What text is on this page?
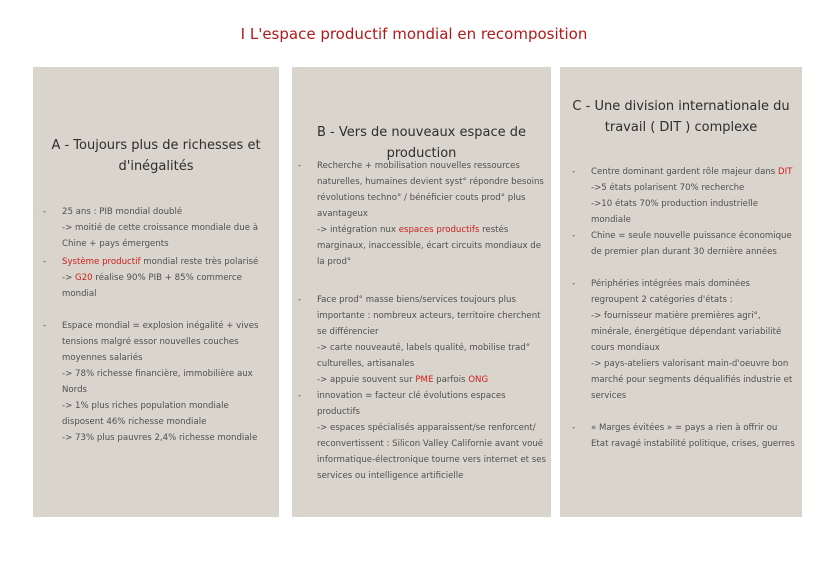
I L'espace productif mondial en recomposition
A - Toujours plus de richesses et d'inégalités
-	25 ans : PIB mondial doublé

-> moitié de cette croissance mondiale due à Chine + pays émergents

-	Système productif mondial reste très polarisé

-> G20 réalise 90% PIB + 85% commerce mondial

-	Espace mondial = explosion inégalité + vives tensions malgré essor nouvelles couches moyennes salariés

-> 78% richesse financière, immobilière aux Nords

-> 1% plus riches population mondiale disposent 46% richesse mondiale

-> 73% plus pauvres 2,4% richesse mondiale

B - Vers de nouveaux espace de production
-	Recherche + mobilisation nouvelles ressources naturelles, humaines devient syst° répondre besoins révolutions techno° / bénéficier couts prod° plus avantageux

-> intégration nux espaces productifs restés marginaux, inaccessible, écart circuits mondiaux de la prod°

-	Face prod° masse biens/services toujours plus importante : nombreux acteurs, territoire cherchent se différencier

-> carte nouveauté, labels qualité, mobilise trad° culturelles, artisanales

-> appuie souvent sur PME parfois ONG

-	innovation = facteur clé évolutions espaces productifs

-> espaces spécialisés apparaissent/se renforcent/ reconvertissent : Silicon Valley Californie avant voué informatique-électronique tourne vers internet et ses services ou intelligence artificielle

C - Une division internationale du travail ( DIT ) complexe
-	Centre dominant gardent rôle majeur dans DIT

->5 états polarisent 70% recherche

->10 états 70% production industrielle mondiale

-	Chine = seule nouvelle puissance économique de premier plan durant 30 dernière années

-	Périphéries intégrées mais dominées regroupent 2 catégories d'états :

-> fournisseur matière premières agri°, minérale, énergétique dépendant variabilité cours mondiaux

-> pays-ateliers valorisant main-d'oeuvre bon marché pour segments déqualifiés industrie et services

-	« Marges évitées » = pays a rien à offrir ou Etat ravagé instabilité politique, crises, guerres
